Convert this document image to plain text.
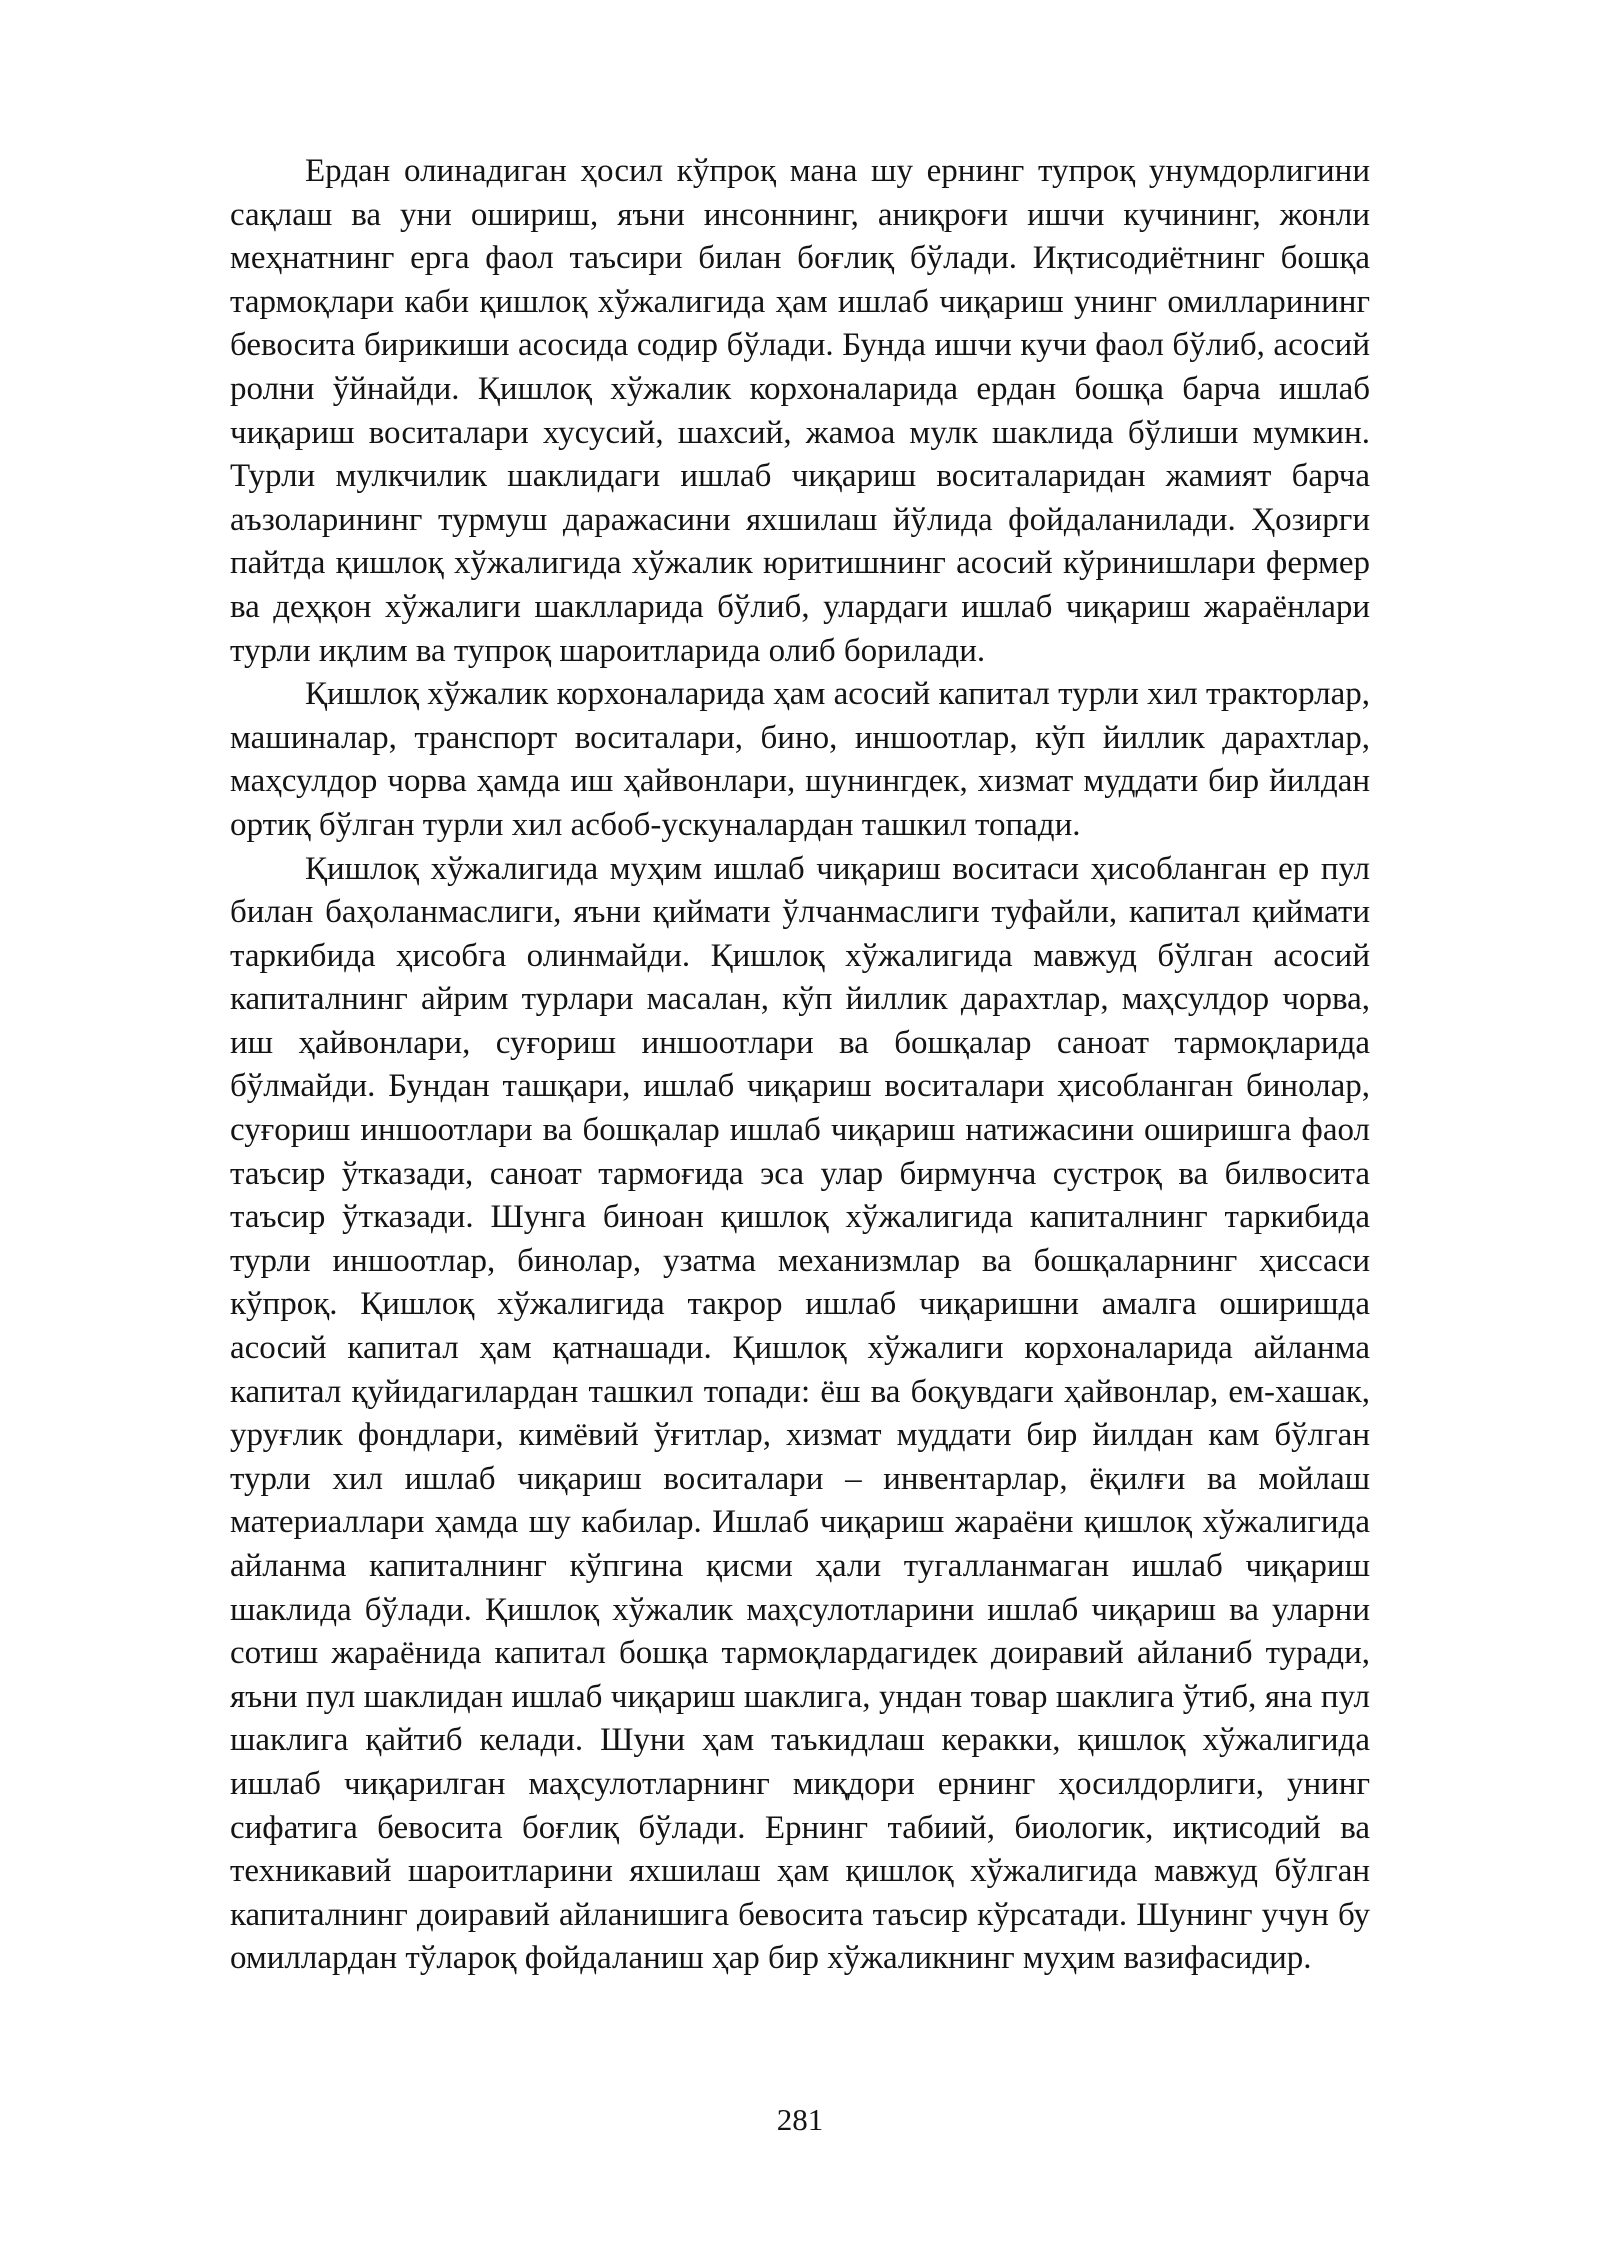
Ердан олинадиган ҳосил кўпроқ мана шу ернинг тупроқ унумдорлигини сақлаш ва уни ошириш, яъни инсоннинг, аниқроғи ишчи кучининг, жонли меҳнатнинг ерга фаол таъсири билан боғлиқ бўлади. Иқтисодиётнинг бошқа тармоқлари каби қишлоқ хўжалигида ҳам ишлаб чиқариш унинг омилларининг бевосита бирикиши асосида содир бўлади. Бунда ишчи кучи фаол бўлиб, асосий ролни ўйнайди. Қишлоқ хўжалик корхоналарида ердан бошқа барча ишлаб чиқариш воситалари хусусий, шахсий, жамоа мулк шаклида бўлиши мумкин. Турли мулкчилик шаклидаги ишлаб чиқариш воситаларидан жамият барча аъзоларининг турмуш даражасини яхшилаш йўлида фойдаланилади. Ҳозирги пайтда қишлоқ хўжалигида хўжалик юритишнинг асосий кўринишлари фермер ва деҳқон хўжалиги шаклларида бўлиб, улардаги ишлаб чиқариш жараёнлари турли иқлим ва тупроқ шароитларида олиб борилади.

Қишлоқ хўжалик корхоналарида ҳам асосий капитал турли хил тракторлар, машиналар, транспорт воситалари, бино, иншоотлар, кўп йиллик дарахтлар, маҳсулдор чорва ҳамда иш ҳайвонлари, шунингдек, хизмат муддати бир йилдан ортиқ бўлган турли хил асбоб-ускуналардан ташкил топади.

Қишлоқ хўжалигида муҳим ишлаб чиқариш воситаси ҳисобланган ер пул билан баҳоланмаслиги, яъни қиймати ўлчанмаслиги туфайли, капитал қиймати таркибида ҳисобга олинмайди. Қишлоқ хўжалигида мавжуд бўлган асосий капиталнинг айрим турлари масалан, кўп йиллик дарахтлар, маҳсулдор чорва, иш ҳайвонлари, суғориш иншоотлари ва бошқалар саноат тармоқларида бўлмайди. Бундан ташқари, ишлаб чиқариш воситалари ҳисобланган бинолар, суғориш иншоотлари ва бошқалар ишлаб чиқариш натижасини оширишга фаол таъсир ўтказади, саноат тармоғида эса улар бирмунча сустроқ ва билвосита таъсир ўтказади. Шунга биноан қишлоқ хўжалигида капиталнинг таркибида турли иншоотлар, бинолар, узатма механизмлар ва бошқаларнинг ҳиссаси кўпроқ. Қишлоқ хўжалигида такрор ишлаб чиқаришни амалга оширишда асосий капитал ҳам қатнашади. Қишлоқ хўжалиги корхоналарида айланма капитал қуйидагилардан ташкил топади: ёш ва боқувдаги ҳайвонлар, ем-хашак, уруғлик фондлари, кимёвий ўғитлар, хизмат муддати бир йилдан кам бўлган турли хил ишлаб чиқариш воситалари – инвентарлар, ёқилғи ва мойлаш материаллари ҳамда шу кабилар. Ишлаб чиқариш жараёни қишлоқ хўжалигида айланма капиталнинг кўпгина қисми ҳали тугалланмаган ишлаб чиқариш шаклида бўлади. Қишлоқ хўжалик маҳсулотларини ишлаб чиқариш ва уларни сотиш жараёнида капитал бошқа тармоқлардагидек доиравий айланиб туради, яъни пул шаклидан ишлаб чиқариш шаклига, ундан товар шаклига ўтиб, яна пул шаклига қайтиб келади. Шуни ҳам таъкидлаш керакки, қишлоқ хўжалигида ишлаб чиқарилган маҳсулотларнинг миқдори ернинг ҳосилдорлиги, унинг сифатига бевосита боғлиқ бўлади. Ернинг табиий, биологик, иқтисодий ва техникавий шароитларини яхшилаш ҳам қишлоқ хўжалигида мавжуд бўлган капиталнинг доиравий айланишига бевосита таъсир кўрсатади. Шунинг учун бу омиллардан тўлароқ фойдаланиш ҳар бир хўжаликнинг муҳим вазифасидир.

281
